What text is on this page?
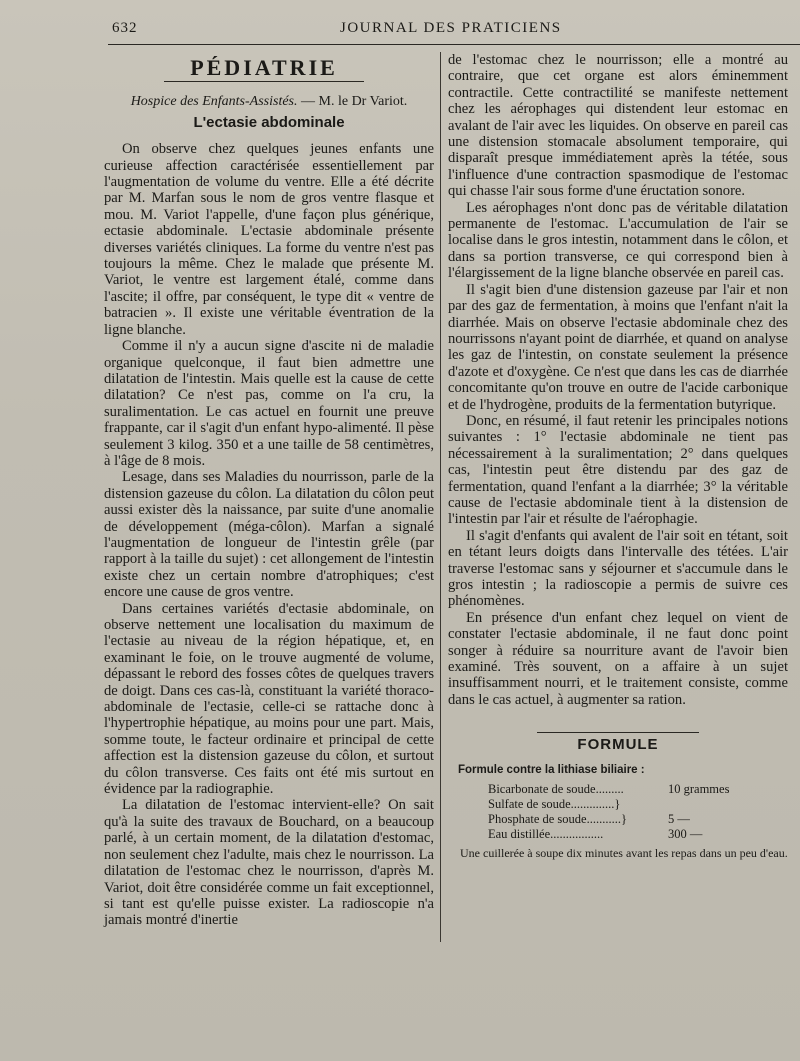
632	JOURNAL DES PRATICIENS
PÉDIATRIE
Hospice des Enfants-Assistés. — M. le Dr Variot.
L'ectasie abdominale

On observe chez quelques jeunes enfants une curieuse affection caractérisée essentiellement par l'augmentation de volume du ventre. Elle a été décrite par M. Marfan sous le nom de gros ventre flasque et mou. M. Variot l'appelle, d'une façon plus générique, ectasie abdominale. L'ectasie abdominale présente diverses variétés cliniques. La forme du ventre n'est pas toujours la même. Chez le malade que présente M. Variot, le ventre est largement étalé, comme dans l'ascite; il offre, par conséquent, le type dit « ventre de batracien ». Il existe une véritable éventration de la ligne blanche.

Comme il n'y a aucun signe d'ascite ni de maladie organique quelconque, il faut bien admettre une dilatation de l'intestin. Mais quelle est la cause de cette dilatation? Ce n'est pas, comme on l'a cru, la suralimentation. Le cas actuel en fournit une preuve frappante, car il s'agit d'un enfant hypo-alimenté. Il pèse seulement 3 kilog. 350 et a une taille de 58 centimètres, à l'âge de 8 mois.

Lesage, dans ses Maladies du nourrisson, parle de la distension gazeuse du côlon. La dilatation du côlon peut aussi exister dès la naissance, par suite d'une anomalie de développement (méga-côlon). Marfan a signalé l'augmentation de longueur de l'intestin grêle (par rapport à la taille du sujet) : cet allongement de l'intestin existe chez un certain nombre d'atrophiques; c'est encore une cause de gros ventre.

Dans certaines variétés d'ectasie abdominale, on observe nettement une localisation du maximum de l'ectasie au niveau de la région hépatique, et, en examinant le foie, on le trouve augmenté de volume, dépassant le rebord des fosses côtes de quelques travers de doigt. Dans ces cas-là, constituant la variété thoraco-abdominale de l'ectasie, celle-ci se rattache donc à l'hypertrophie hépatique, au moins pour une part. Mais, somme toute, le facteur ordinaire et principal de cette affection est la distension gazeuse du côlon, et surtout du côlon transverse. Ces faits ont été mis surtout en évidence par la radiographie.

La dilatation de l'estomac intervient-elle? On sait qu'à la suite des travaux de Bouchard, on a beaucoup parlé, à un certain moment, de la dilatation d'estomac, non seulement chez l'adulte, mais chez le nourrisson. La dilatation de l'estomac chez le nourrisson, d'après M. Variot, doit être considérée comme un fait exceptionnel, si tant est qu'elle puisse exister. La radioscopie n'a jamais montré d'inertie

de l'estomac chez le nourrisson; elle a montré au contraire, que cet organe est alors éminemment contractile. Cette contractilité se manifeste nettement chez les aérophages qui distendent leur estomac en avalant de l'air avec les liquides. On observe en pareil cas une distension stomacale absolument temporaire, qui disparaît presque immédiatement après la tétée, sous l'influence d'une contraction spasmodique de l'estomac qui chasse l'air sous forme d'une éructation sonore.

Les aérophages n'ont donc pas de véritable dilatation permanente de l'estomac. L'accumulation de l'air se localise dans le gros intestin, notamment dans le côlon, et dans sa portion transverse, ce qui correspond bien à l'élargissement de la ligne blanche observée en pareil cas.

Il s'agit bien d'une distension gazeuse par l'air et non par des gaz de fermentation, à moins que l'enfant n'ait la diarrhée. Mais on observe l'ectasie abdominale chez des nourrissons n'ayant point de diarrhée, et quand on analyse les gaz de l'intestin, on constate seulement la présence d'azote et d'oxygène. Ce n'est que dans les cas de diarrhée concomitante qu'on trouve en outre de l'acide carbonique et de l'hydrogène, produits de la fermentation butyrique.

Donc, en résumé, il faut retenir les principales notions suivantes : 1° l'ectasie abdominale ne tient pas nécessairement à la suralimentation; 2° dans quelques cas, l'intestin peut être distendu par des gaz de fermentation, quand l'enfant a la diarrhée; 3° la véritable cause de l'ectasie abdominale tient à la distension de l'intestin par l'air et résulte de l'aérophagie.

Il s'agit d'enfants qui avalent de l'air soit en tétant, soit en tétant leurs doigts dans l'intervalle des tétées. L'air traverse l'estomac sans y séjourner et s'accumule dans le gros intestin ; la radioscopie a permis de suivre ces phénomènes.

En présence d'un enfant chez lequel on vient de constater l'ectasie abdominale, il ne faut donc point songer à réduire sa nourriture avant de l'avoir bien examiné. Très souvent, on a affaire à un sujet insuffisamment nourri, et le traitement consiste, comme dans le cas actuel, à augmenter sa ration.

FORMULE
Formule contre la lithiase biliaire :
Bicarbonate de soude.........	10 grammes
Sulfate de soude..............}
Phosphate de soude...........}	5 —
Eau distillée.................	300 —
Une cuillerée à soupe dix minutes avant les repas dans un peu d'eau.
